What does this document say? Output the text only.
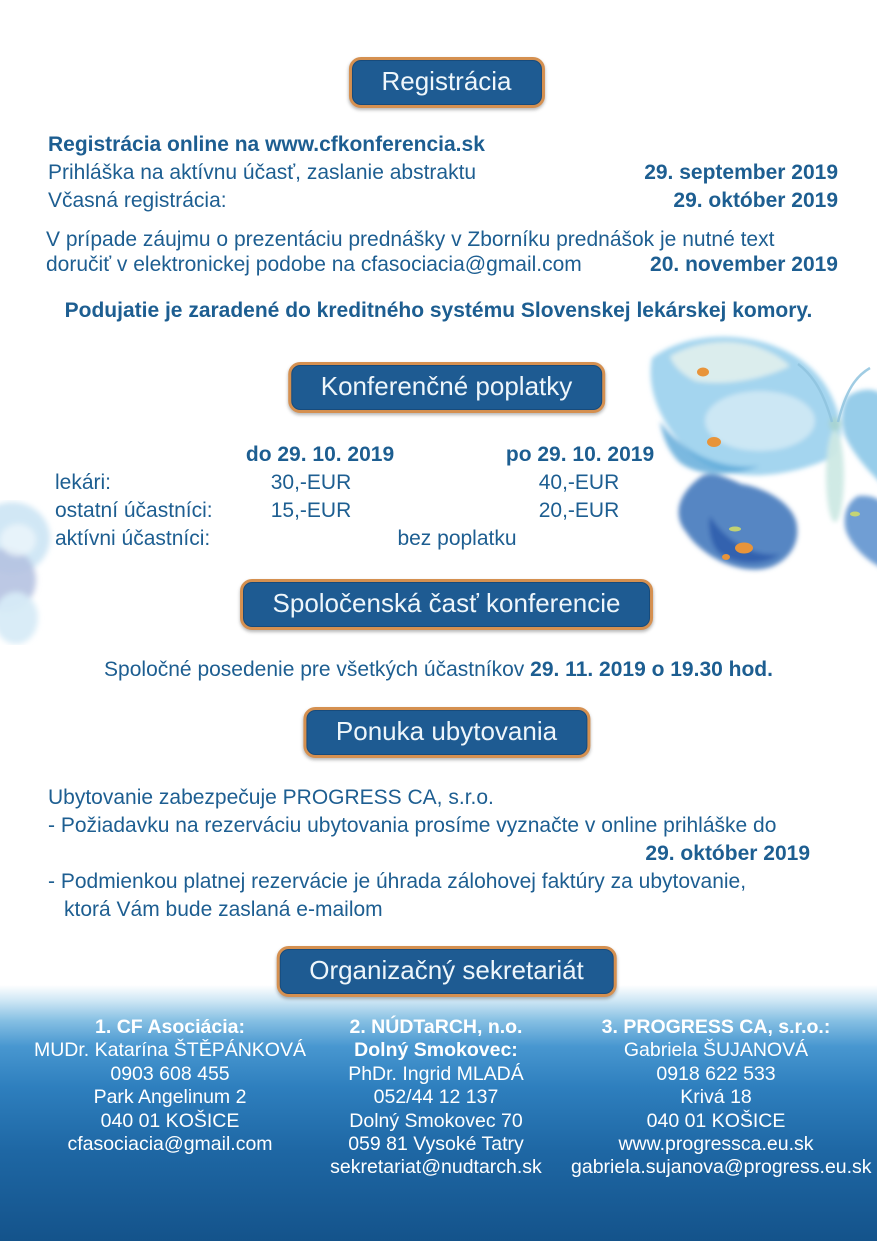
Registrácia
Konferenčné poplatky
Spoločenská časť konferencie
Ponuka ubytovania
Organizačný sekretariát
Registrácia online na www.cfkonferencia.sk
Prihláška na aktívnu účasť, zaslanie abstraktu	29. september 2019
Včasná registrácia:	29. október 2019
V prípade záujmu o prezentáciu prednášky v Zborníku prednášok je nutné text
doručiť v elektronickej podobe na cfasociacia@gmail.com	20. november 2019
Podujatie je zaradené do kreditného systému Slovenskej lekárskej komory.
do 29. 10. 2019	po 29. 10. 2019
lekári:	30,-EUR	40,-EUR
ostatní účastníci:	15,-EUR	20,-EUR
aktívni účastníci:	bez poplatku
Spoločné posedenie pre všetkých účastníkov 29. 11. 2019 o 19.30 hod.
Ubytovanie zabezpečuje PROGRESS CA, s.r.o.
- Požiadavku na rezerváciu ubytovania prosíme vyznačte v online prihláške do
29. október 2019
- Podmienkou platnej rezervácie je úhrada zálohovej faktúry za ubytovanie,
ktorá Vám bude zaslaná e-mailom
1. CF Asociácia:
MUDr. Katarína ŠTĚPÁNKOVÁ
0903 608 455
Park Angelinum 2
040 01 KOŠICE
cfasociacia@gmail.com
2. NÚDTaRCH, n.o.
Dolný Smokovec:
PhDr. Ingrid MLADÁ
052/44 12 137
Dolný Smokovec 70
059 81 Vysoké Tatry
sekretariat@nudtarch.sk
3. PROGRESS CA, s.r.o.:
Gabriela ŠUJANOVÁ
0918 622 533
Krivá 18
040 01 KOŠICE
www.progressca.eu.sk
gabriela.sujanova@progress.eu.sk
